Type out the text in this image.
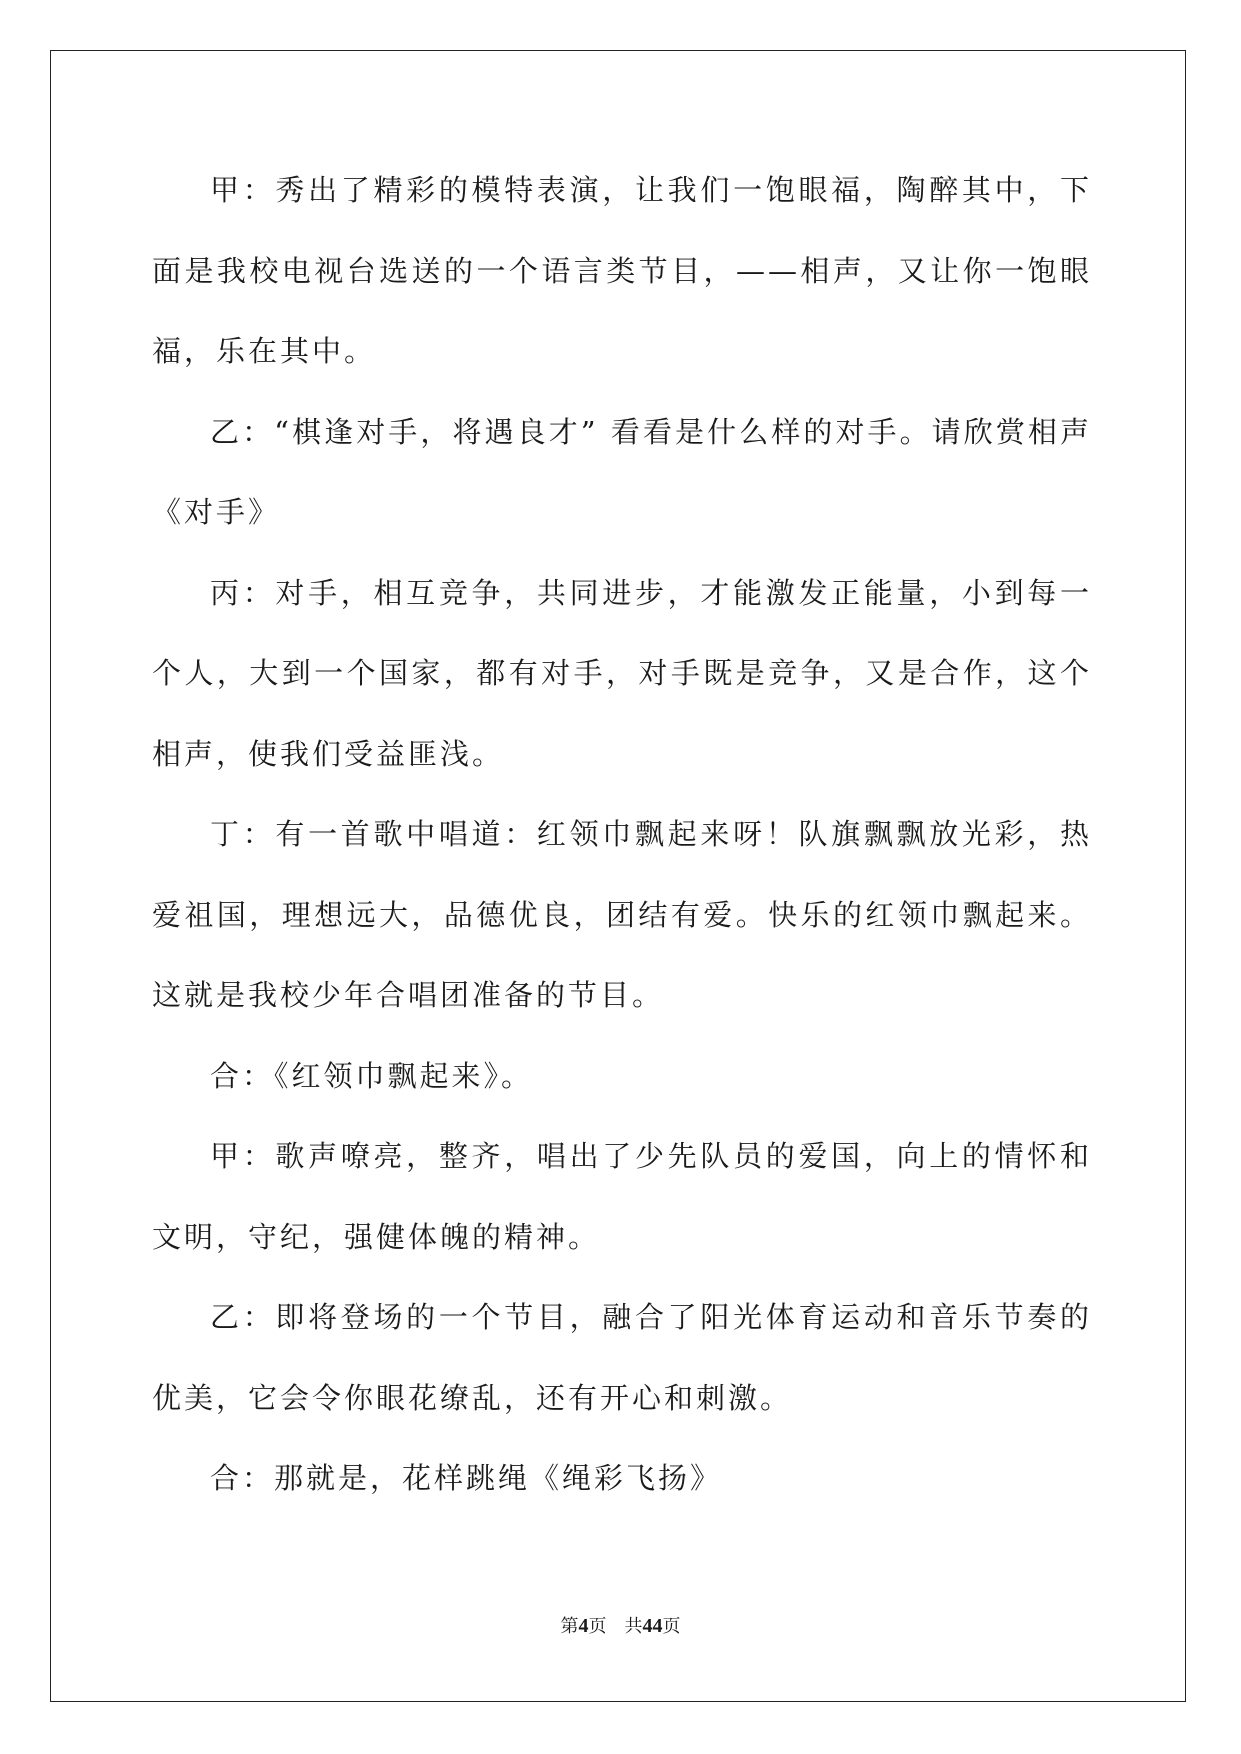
甲：秀出了精彩的模特表演，让我们一饱眼福，陶醉其中，下面是我校电视台选送的一个语言类节目，——相声，又让你一饱眼福，乐在其中。

乙：“棋逢对手，将遇良才” 看看是什么样的对手。请欣赏相声《对手》

丙：对手，相互竞争，共同进步，才能激发正能量，小到每一个人，大到一个国家，都有对手，对手既是竞争，又是合作，这个相声，使我们受益匪浅。

丁：有一首歌中唱道：红领巾飘起来呀！队旗飘飘放光彩，热爱祖国，理想远大，品德优良，团结有爱。快乐的红领巾飘起来。这就是我校少年合唱团准备的节目。

合：《红领巾飘起来》。

甲：歌声嘹亮，整齐，唱出了少先队员的爱国，向上的情怀和文明，守纪，强健体魄的精神。

乙：即将登场的一个节目，融合了阳光体育运动和音乐节奏的优美，它会令你眼花缭乱，还有开心和刺激。

合：那就是，花样跳绳《绳彩飞扬》

第4页 共44页
